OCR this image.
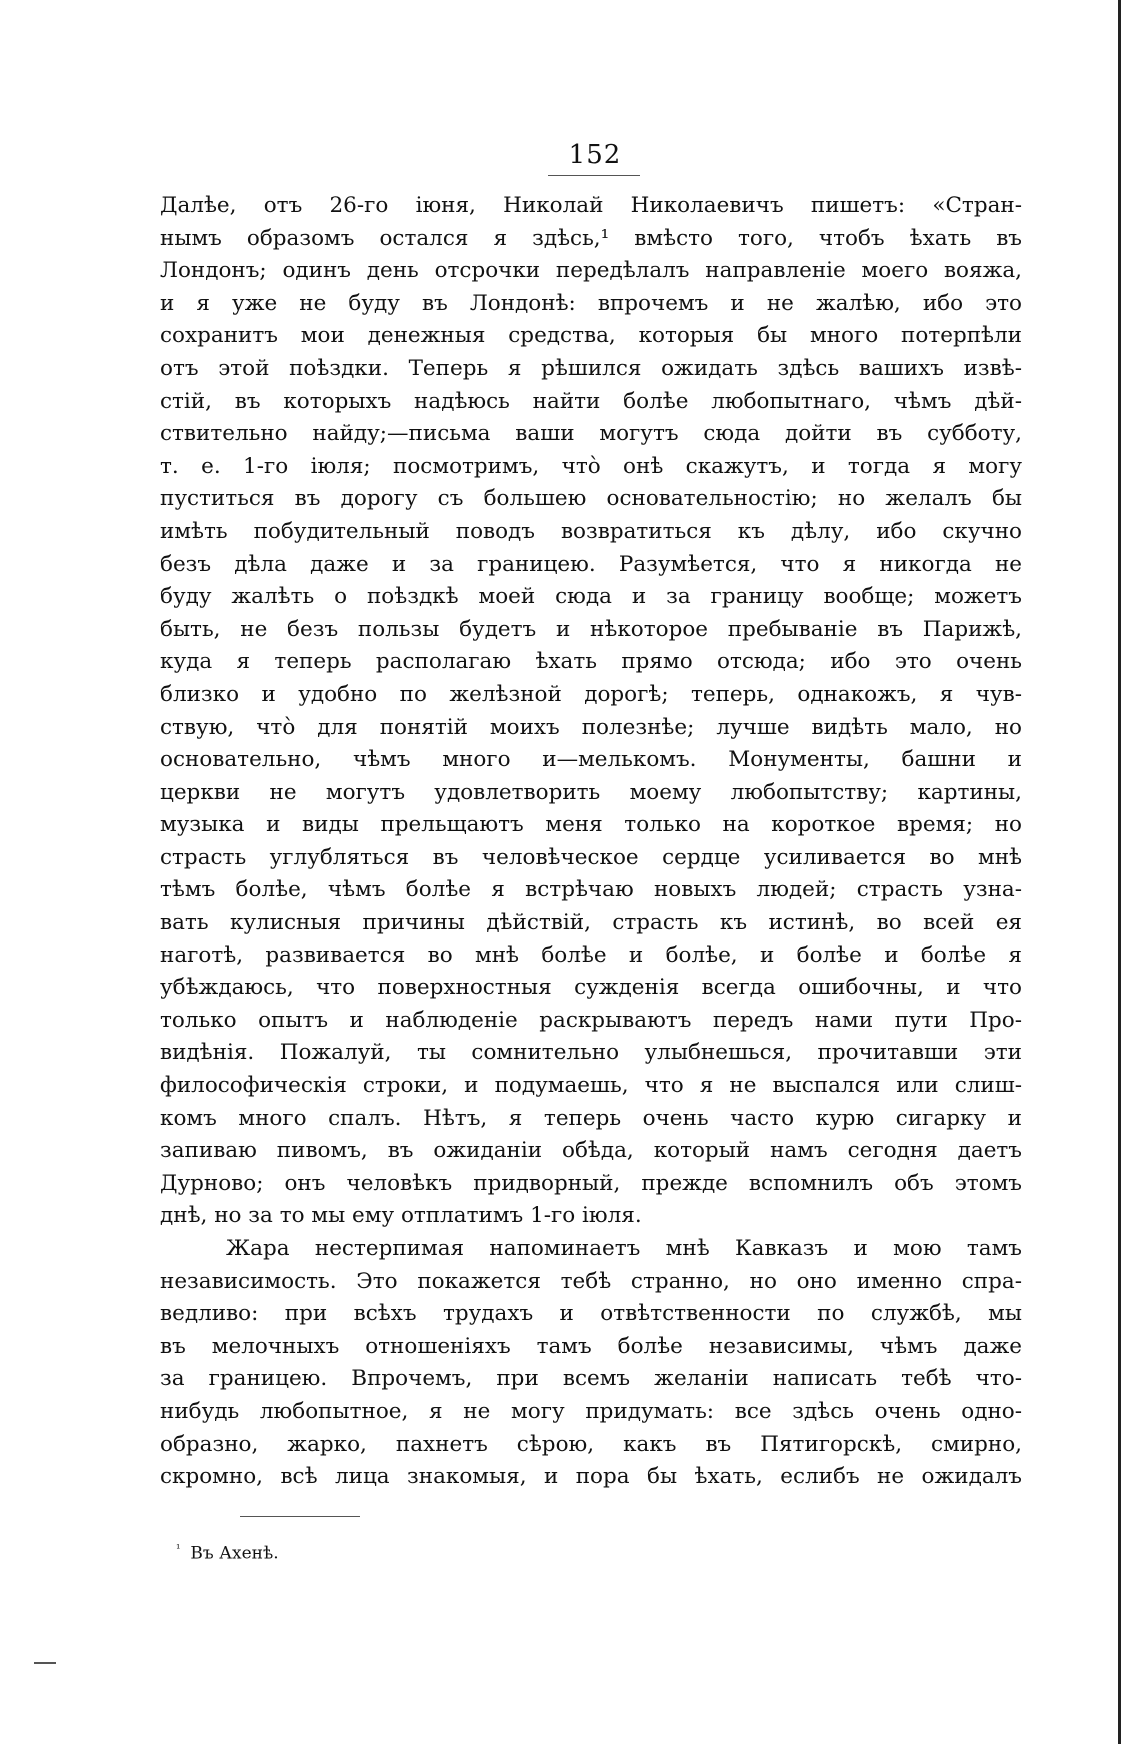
152
Далѣе, отъ 26-го іюня, Николай Николаевичъ пишетъ: «Стран-
нымъ образомъ остался я здѣсь,¹ вмѣсто того, чтобъ ѣхать въ
Лондонъ; одинъ день отсрочки передѣлалъ направленіе моего вояжа,
и я уже не буду въ Лондонѣ: впрочемъ и не жалѣю, ибо это
сохранитъ мои денежныя средства, которыя бы много потерпѣли
отъ этой поѣздки. Теперь я рѣшился ожидать здѣсь вашихъ извѣ-
стій, въ которыхъ надѣюсь найти болѣе любопытнаго, чѣмъ дѣй-
ствительно найду;—письма ваши могутъ сюда дойти въ субботу,
т. е. 1-го іюля; посмотримъ, что̀ онѣ скажутъ, и тогда я могу
пуститься въ дорогу съ большею основательностію; но желалъ бы
имѣть побудительный поводъ возвратиться къ дѣлу, ибо скучно
безъ дѣла даже и за границею. Разумѣется, что я никогда не
буду жалѣть о поѣздкѣ моей сюда и за границу вообще; можетъ
быть, не безъ пользы будетъ и нѣкоторое пребываніе въ Парижѣ,
куда я теперь располагаю ѣхать прямо отсюда; ибо это очень
близко и удобно по желѣзной дорогѣ; теперь, однакожъ, я чув-
ствую, что̀ для понятій моихъ полезнѣе; лучше видѣть мало, но
основательно, чѣмъ много и—мелькомъ. Монументы, башни и
церкви не могутъ удовлетворить моему любопытству; картины,
музыка и виды прельщаютъ меня только на короткое время; но
страсть углубляться въ человѣческое сердце усиливается во мнѣ
тѣмъ болѣе, чѣмъ болѣе я встрѣчаю новыхъ людей; страсть узна-
вать кулисныя причины дѣйствій, страсть къ истинѣ, во всей ея
наготѣ, развивается во мнѣ болѣе и болѣе, и болѣе и болѣе я
убѣждаюсь, что поверхностныя сужденія всегда ошибочны, и что
только опытъ и наблюденіе раскрываютъ передъ нами пути Про-
видѣнія. Пожалуй, ты сомнительно улыбнешься, прочитавши эти
философическія строки, и подумаешь, что я не выспался или слиш-
комъ много спалъ. Нѣтъ, я теперь очень часто курю сигарку и
запиваю пивомъ, въ ожиданіи обѣда, который намъ сегодня даетъ
Дурново; онъ человѣкъ придворный, прежде вспомнилъ объ этомъ
днѣ, но за то мы ему отплатимъ 1-го іюля.
Жара нестерпимая напоминаетъ мнѣ Кавказъ и мою тамъ
независимость. Это покажется тебѣ странно, но оно именно спра-
ведливо: при всѣхъ трудахъ и отвѣтственности по службѣ, мы
въ мелочныхъ отношеніяхъ тамъ болѣе независимы, чѣмъ даже
за границею. Впрочемъ, при всемъ желаніи написать тебѣ что-
нибудь любопытное, я не могу придумать: все здѣсь очень одно-
образно, жарко, пахнетъ сѣрою, какъ въ Пятигорскѣ, смирно,
скромно, всѣ лица знакомыя, и пора бы ѣхать, еслибъ не ожидалъ
$^{^1}$ Въ Ахенѣ.
